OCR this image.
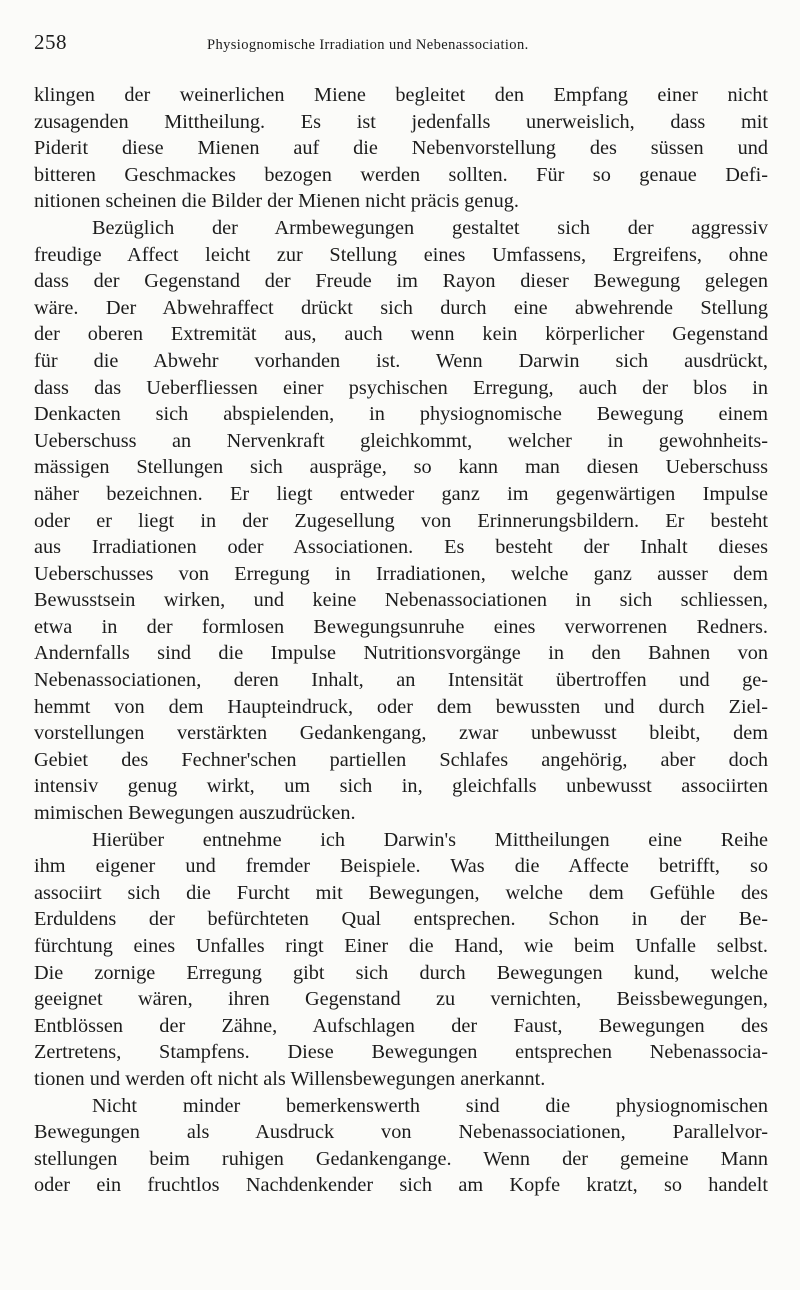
258	Physiognomische Irradiation und Nebenassociation.
klingen der weinerlichen Miene begleitet den Empfang einer nicht
zusagenden Mittheilung. Es ist jedenfalls unerweislich, dass mit
Piderit diese Mienen auf die Nebenvorstellung des süssen und
bitteren Geschmackes bezogen werden sollten. Für so genaue Defi-
nitionen scheinen die Bilder der Mienen nicht präcis genug.
Bezüglich der Armbewegungen gestaltet sich der aggressiv
freudige Affect leicht zur Stellung eines Umfassens, Ergreifens, ohne
dass der Gegenstand der Freude im Rayon dieser Bewegung gelegen
wäre. Der Abwehraffect drückt sich durch eine abwehrende Stellung
der oberen Extremität aus, auch wenn kein körperlicher Gegenstand
für die Abwehr vorhanden ist. Wenn Darwin sich ausdrückt,
dass das Ueberfliessen einer psychischen Erregung, auch der blos in
Denkacten sich abspielenden, in physiognomische Bewegung einem
Ueberschuss an Nervenkraft gleichkommt, welcher in gewohnheits-
mässigen Stellungen sich auspräge, so kann man diesen Ueberschuss
näher bezeichnen. Er liegt entweder ganz im gegenwärtigen Impulse
oder er liegt in der Zugesellung von Erinnerungsbildern. Er besteht
aus Irradiationen oder Associationen. Es besteht der Inhalt dieses
Ueberschusses von Erregung in Irradiationen, welche ganz ausser dem
Bewusstsein wirken, und keine Nebenassociationen in sich schliessen,
etwa in der formlosen Bewegungsunruhe eines verworrenen Redners.
Andernfalls sind die Impulse Nutritionsvorgänge in den Bahnen von
Nebenassociationen, deren Inhalt, an Intensität übertroffen und ge-
hemmt von dem Haupteindruck, oder dem bewussten und durch Ziel-
vorstellungen verstärkten Gedankengang, zwar unbewusst bleibt, dem
Gebiet des Fechner'schen partiellen Schlafes angehörig, aber doch
intensiv genug wirkt, um sich in, gleichfalls unbewusst associirten
mimischen Bewegungen auszudrücken.
Hierüber entnehme ich Darwin's Mittheilungen eine Reihe
ihm eigener und fremder Beispiele. Was die Affecte betrifft, so
associirt sich die Furcht mit Bewegungen, welche dem Gefühle des
Erduldens der befürchteten Qual entsprechen. Schon in der Be-
fürchtung eines Unfalles ringt Einer die Hand, wie beim Unfalle selbst.
Die zornige Erregung gibt sich durch Bewegungen kund, welche
geeignet wären, ihren Gegenstand zu vernichten, Beissbewegungen,
Entblössen der Zähne, Aufschlagen der Faust, Bewegungen des
Zertretens, Stampfens. Diese Bewegungen entsprechen Nebenassocia-
tionen und werden oft nicht als Willensbewegungen anerkannt.
Nicht minder bemerkenswerth sind die physiognomischen
Bewegungen als Ausdruck von Nebenassociationen, Parallelvor-
stellungen beim ruhigen Gedankengange. Wenn der gemeine Mann
oder ein fruchtlos Nachdenkender sich am Kopfe kratzt, so handelt
